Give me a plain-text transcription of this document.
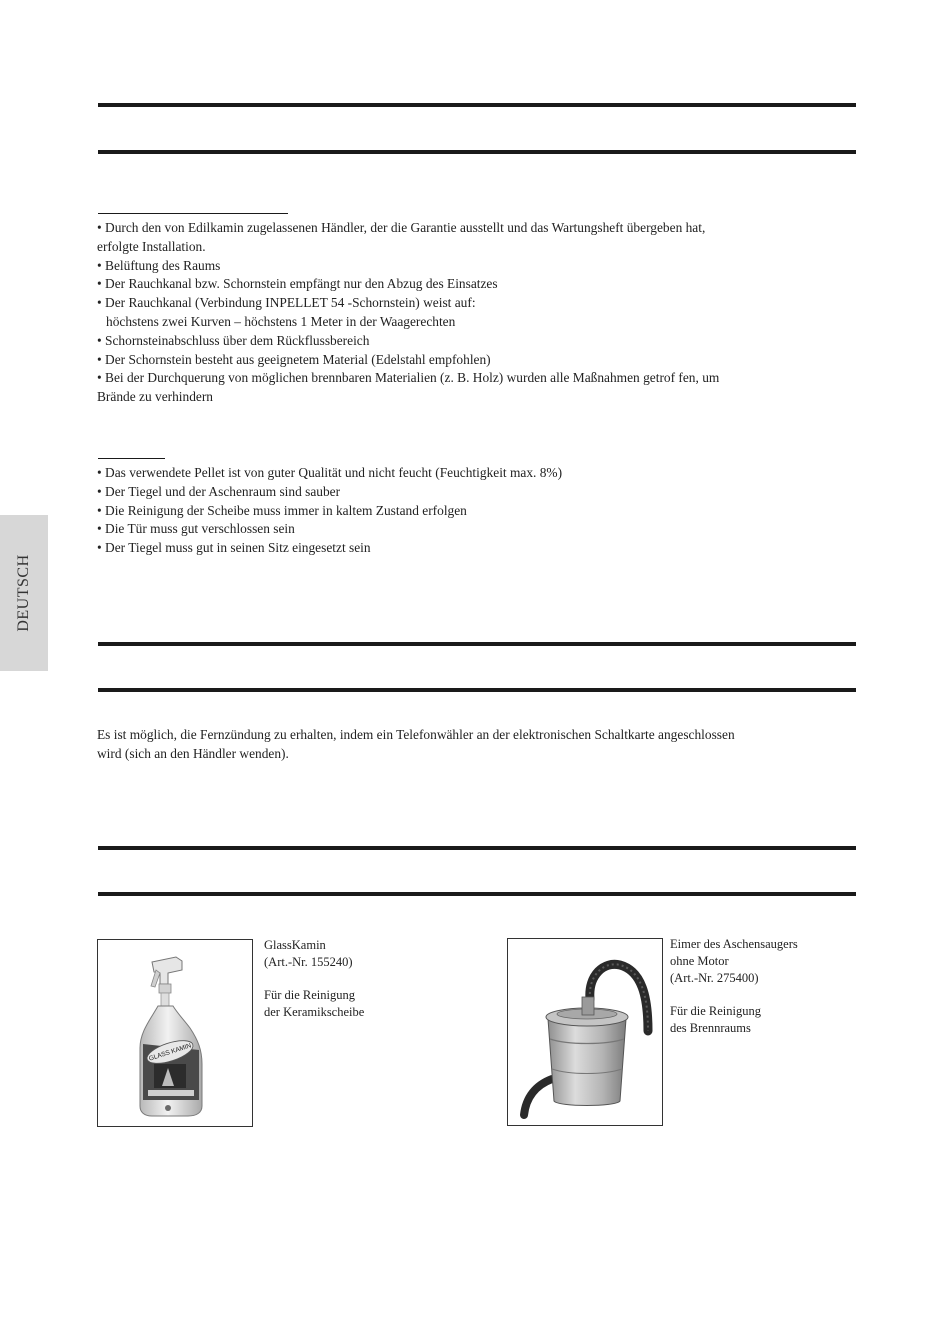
• Durch den von Edilkamin zugelassenen Händler, der die Garantie ausstellt und das Wartungsheft übergeben hat,

erfolgte Installation.

• Belüftung des Raums

• Der Rauchkanal bzw. Schornstein empfängt nur den Abzug des Einsatzes

• Der Rauchkanal (Verbindung INPELLET 54 -Schornstein) weist auf:

höchstens zwei Kurven – höchstens 1 Meter in der Waagerechten

• Schornsteinabschluss über dem Rückflussbereich

• Der Schornstein besteht aus geeignetem Material (Edelstahl empfohlen)

• Bei der Durchquerung von möglichen brennbaren Materialien (z. B. Holz) wurden alle Maßnahmen getrof fen, um

Brände zu verhindern

• Das verwendete Pellet ist von guter Qualität und nicht feucht (Feuchtigkeit max. 8%)

• Der Tiegel und der Aschenraum sind sauber

• Die Reinigung der Scheibe muss immer in kaltem Zustand erfolgen

• Die Tür muss gut verschlossen sein

• Der Tiegel muss gut in seinen Sitz eingesetzt sein

DEUTSCH

Es ist möglich, die Fernzündung zu erhalten, indem ein Telefonwähler an der elektronischen Schaltkarte angeschlossen

wird (sich an den Händler wenden).

GLASS KAMIN

GlassKamin

(Art.-Nr. 155240)

Für die Reinigung

der Keramikscheibe

Eimer des Aschensaugers

ohne Motor

(Art.-Nr. 275400)

Für die Reinigung

des Brennraums
